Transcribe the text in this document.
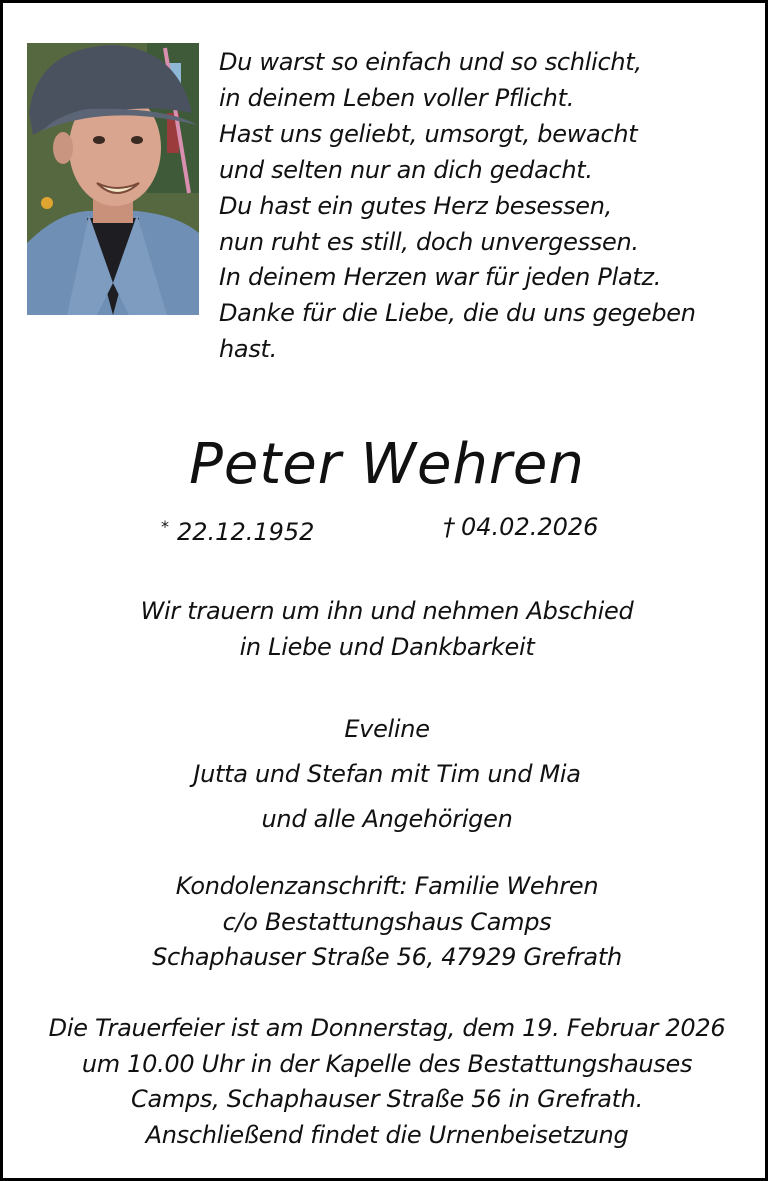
Du warst so einfach und so schlicht,
in deinem Leben voller Pflicht.
Hast uns geliebt, umsorgt, bewacht
und selten nur an dich gedacht.
Du hast ein gutes Herz besessen,
nun ruht es still, doch unvergessen.
In deinem Herzen war für jeden Platz.
Danke für die Liebe, die du uns gegeben
hast.
Peter Wehren
* 22.12.1952	† 04.02.2026
Wir trauern um ihn und nehmen Abschied
in Liebe und Dankbarkeit
Eveline
Jutta und Stefan mit Tim und Mia
und alle Angehörigen
Kondolenzanschrift: Familie Wehren
c/o Bestattungshaus Camps
Schaphauser Straße 56, 47929 Grefrath
Die Trauerfeier ist am Donnerstag, dem 19. Februar 2026
um 10.00 Uhr in der Kapelle des Bestattungshauses
Camps, Schaphauser Straße 56 in Grefrath.
Anschließend findet die Urnenbeisetzung
